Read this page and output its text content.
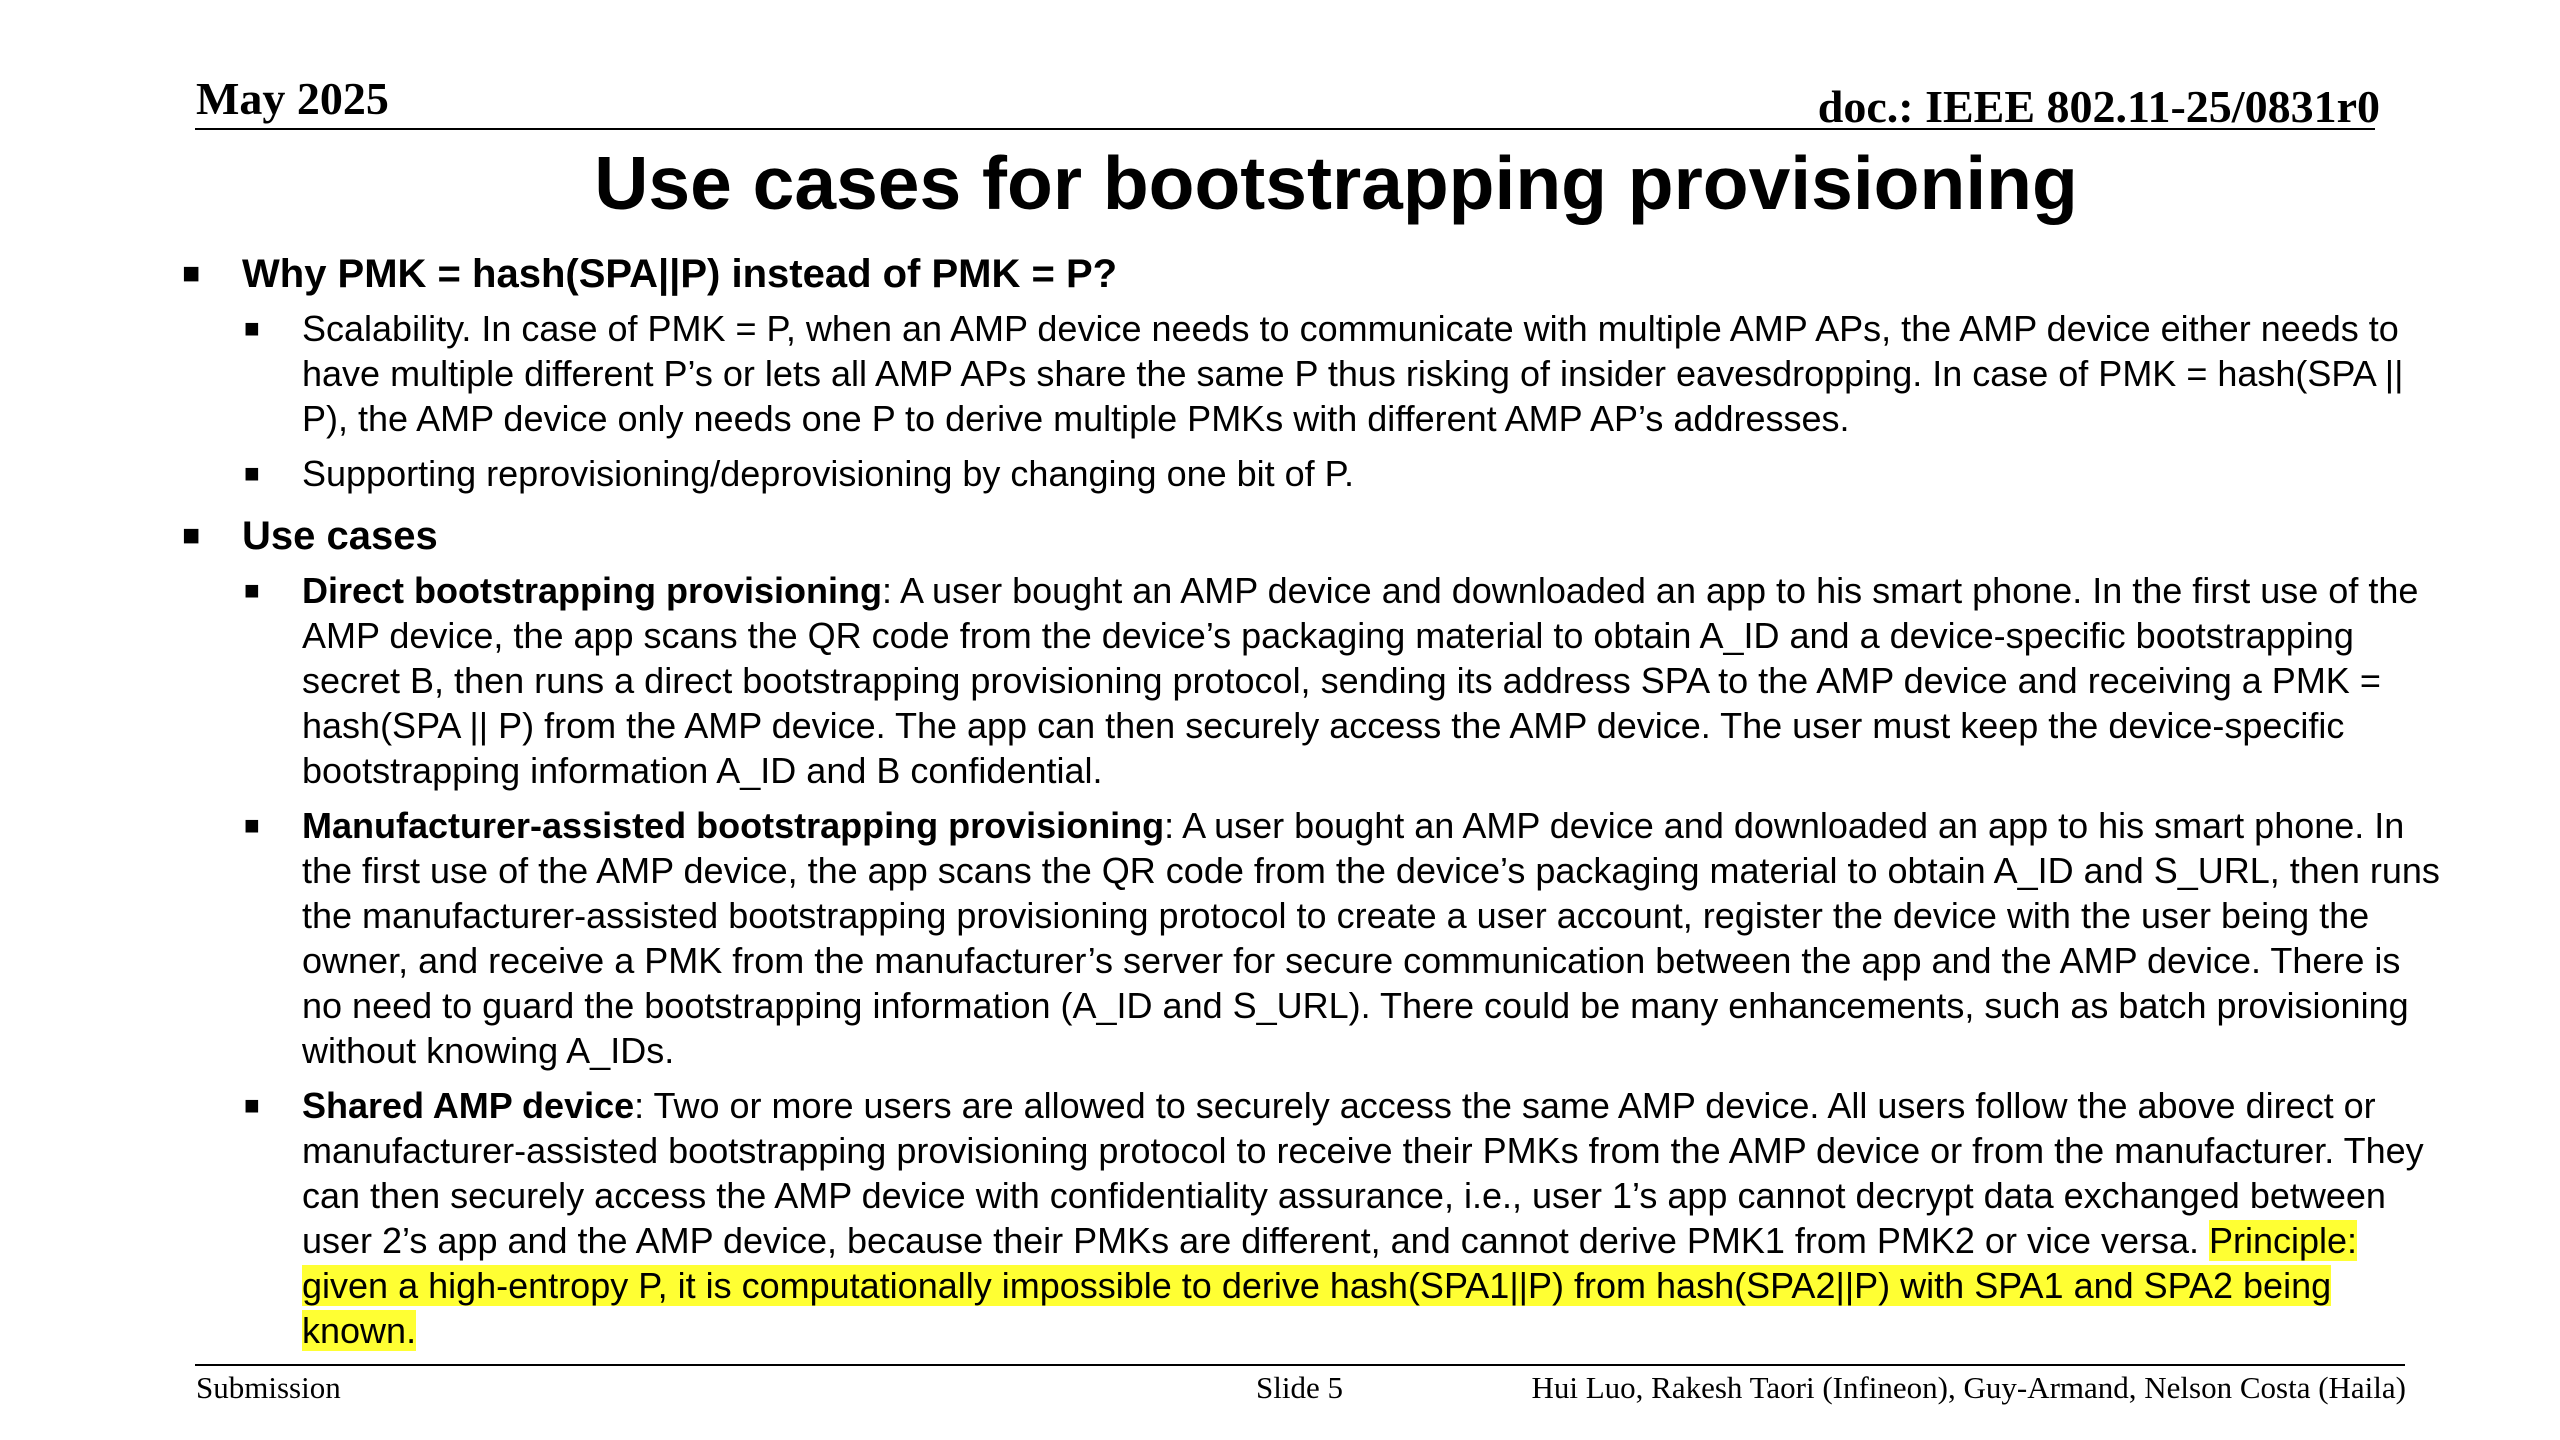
May 2025	doc.: IEEE 802.11-25/0831r0
Use cases for bootstrapping provisioning
■ Why PMK = hash(SPA||P) instead of PMK = P?
■ Scalability. In case of PMK = P, when an AMP device needs to communicate with multiple AMP APs, the AMP device either needs to have multiple different P’s or lets all AMP APs share the same P thus risking of insider eavesdropping. In case of PMK = hash(SPA || P), the AMP device only needs one P to derive multiple PMKs with different AMP AP’s addresses.
■ Supporting reprovisioning/deprovisioning by changing one bit of P.
■ Use cases
■ Direct bootstrapping provisioning: A user bought an AMP device and downloaded an app to his smart phone. In the first use of the AMP device, the app scans the QR code from the device’s packaging material to obtain A_ID and a device-specific bootstrapping secret B, then runs a direct bootstrapping provisioning protocol, sending its address SPA to the AMP device and receiving a PMK = hash(SPA || P) from the AMP device. The app can then securely access the AMP device. The user must keep the device-specific bootstrapping information A_ID and B confidential.
■ Manufacturer-assisted bootstrapping provisioning: A user bought an AMP device and downloaded an app to his smart phone. In the first use of the AMP device, the app scans the QR code from the device’s packaging material to obtain A_ID and S_URL, then runs the manufacturer-assisted bootstrapping provisioning protocol to create a user account, register the device with the user being the owner, and receive a PMK from the manufacturer’s server for secure communication between the app and the AMP device. There is no need to guard the bootstrapping information (A_ID and S_URL). There could be many enhancements, such as batch provisioning without knowing A_IDs.
■ Shared AMP device: Two or more users are allowed to securely access the same AMP device. All users follow the above direct or manufacturer-assisted bootstrapping provisioning protocol to receive their PMKs from the AMP device or from the manufacturer. They can then securely access the AMP device with confidentiality assurance, i.e., user 1’s app cannot decrypt data exchanged between user 2’s app and the AMP device, because their PMKs are different, and cannot derive PMK1 from PMK2 or vice versa. Principle: given a high-entropy P, it is computationally impossible to derive hash(SPA1||P) from hash(SPA2||P) with SPA1 and SPA2 being known.
Submission	Slide 5	Hui Luo, Rakesh Taori (Infineon), Guy-Armand, Nelson Costa (Haila)
